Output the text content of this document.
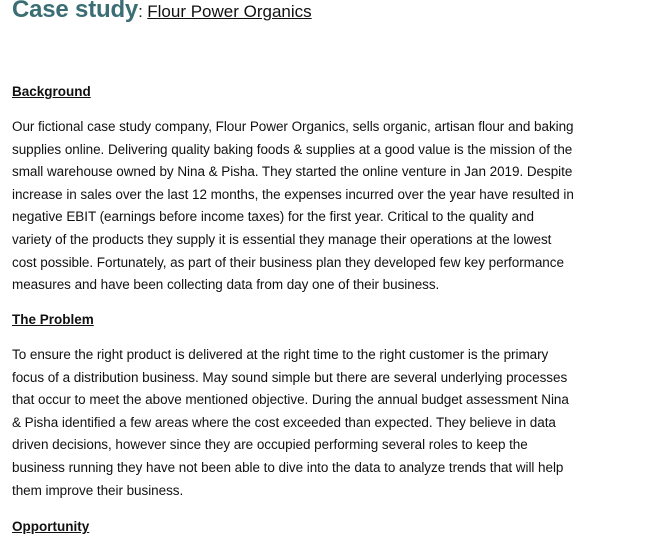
Case study: Flour Power Organics
Background
Our fictional case study company, Flour Power Organics, sells organic, artisan flour and baking
supplies online. Delivering quality baking foods & supplies at a good value is the mission of the
small warehouse owned by Nina & Pisha. They started the online venture in Jan 2019. Despite
increase in sales over the last 12 months, the expenses incurred over the year have resulted in
negative EBIT (earnings before income taxes) for the first year. Critical to the quality and
variety of the products they supply it is essential they manage their operations at the lowest
cost possible. Fortunately, as part of their business plan they developed few key performance
measures and have been collecting data from day one of their business.
The Problem
To ensure the right product is delivered at the right time to the right customer is the primary
focus of a distribution business. May sound simple but there are several underlying processes
that occur to meet the above mentioned objective. During the annual budget assessment Nina
& Pisha identified a few areas where the cost exceeded than expected. They believe in data
driven decisions, however since they are occupied performing several roles to keep the
business running they have not been able to dive into the data to analyze trends that will help
them improve their business.
Opportunity
